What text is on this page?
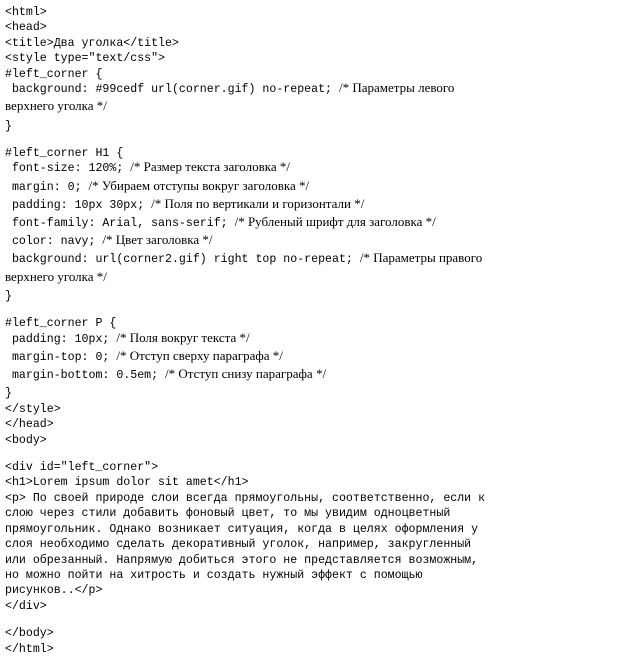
<html>
<head>
<title>Два уголка</title>
<style type="text/css">
#left_corner {
background: #99cedf url(corner.gif) no-repeat; /* Параметры левого
верхнего уголка */
}
#left_corner H1 {
font-size: 120%; /* Размер текста заголовка */
margin: 0; /* Убираем отступы вокруг заголовка */
padding: 10px 30px; /* Поля по вертикали и горизонтали */
font-family: Arial, sans-serif; /* Рубленый шрифт для заголовка */
color: navy; /* Цвет заголовка */
background: url(corner2.gif) right top no-repeat; /* Параметры правого
верхнего уголка */
}
#left_corner P {
padding: 10px; /* Поля вокруг текста */
margin-top: 0; /* Отступ сверху параграфа */
margin-bottom: 0.5em; /* Отступ снизу параграфа */
}
</style>
</head>
<body>
<div id="left_corner">
<h1>Lorem ipsum dolor sit amet</h1>
<p> По своей природе слои всегда прямоугольны, соответственно, если к
слою через стили добавить фоновый цвет, то мы увидим одноцветный
прямоугольник. Однако возникает ситуация, когда в целях оформления у
слоя необходимо сделать декоративный уголок, например, закругленный
или обрезанный. Напрямую добиться этого не представляется возможным,
но можно пойти на хитрость и создать нужный эффект с помощью
рисунков..</p>
</div>
</body>
</html>
